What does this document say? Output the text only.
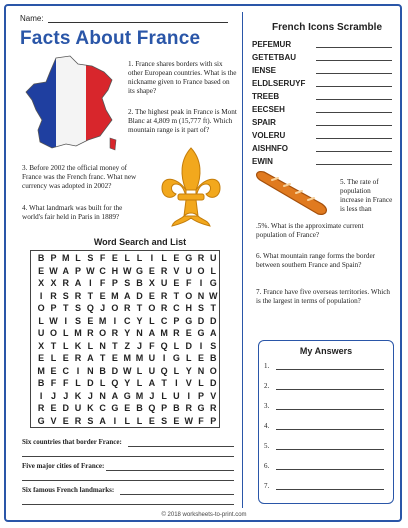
Name:
Facts About France
1. France shares borders with six other European countries. What is the nickname given to France based on its shape?
2. The highest peak in France is Mont Blanc at 4,809 m (15,777 ft). Which mountain range is it part of?
3. Before 2002 the official money of France was the French franc. What new currency was adopted in 2002?
4. What landmark was built for the world's fair held in Paris in 1889?
French Icons Scramble
PEFEMUR
GETETBAU
IENSE
ELDLSERUYF
TREEB
EECSEH
SPAIR
VOLERU
AISHNFO
EWIN
5. The rate of population increase in France is less than
.5%. What is the approximate current population of France?
6. What mountain range forms the border between southern France and Spain?
7. France have five overseas territories. Which is the largest in terms of population?
Word Search and List
B P M L S F E L L I L E G R U
E W A P W C H W G E R V U O L
X X R A I F P S B X U E F I G
I R S R T E M A D E R T O N W
O P T S Q J O R T O R C H S T
L W I S E M I C Y L C P G D D
U O L M R O R Y N A M R E G A
X T L K L N T Z J F Q L D I S
E L E R A T E M M U I G L E B
M E C I N B D W L U Q L Y N O
B F F L D L Q Y L A T I V L D
I J J K J N A G M J L U I P V
R E D U K C G E B Q P B R G R
G V E R S A I L L E S E W F P
Six countries that border France:
Five major cities of France:
Six famous French landmarks:
My Answers
1.
2.
3.
4.
5.
6.
7.
© 2018 worksheets-to-print.com
